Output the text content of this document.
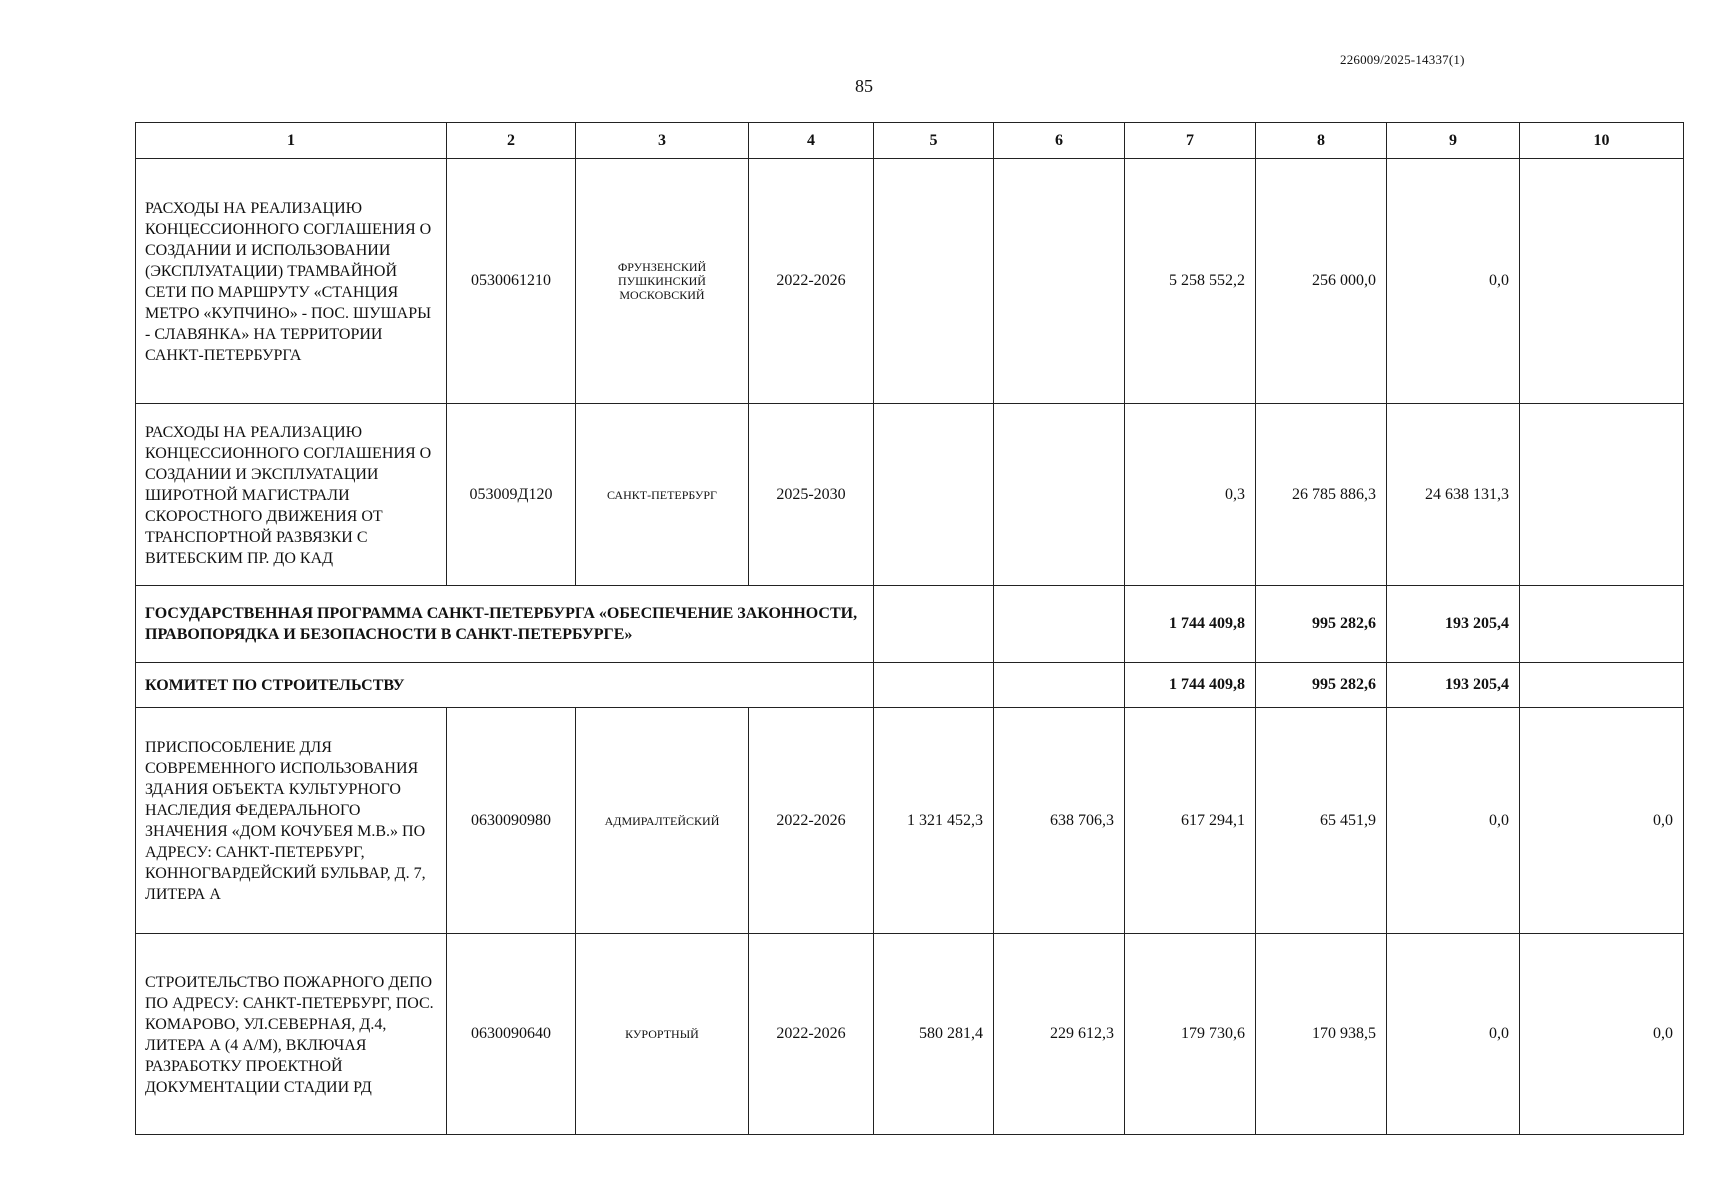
226009/2025-14337(1)
85
1	2	3	4	5	6	7	8	9	10
РАСХОДЫ НА РЕАЛИЗАЦИЮ КОНЦЕССИОННОГО СОГЛАШЕНИЯ О СОЗДАНИИ И ИСПОЛЬЗОВАНИИ (ЭКСПЛУАТАЦИИ) ТРАМВАЙНОЙ СЕТИ ПО МАРШРУТУ «СТАНЦИЯ МЕТРО «КУПЧИНО» - ПОС. ШУШАРЫ - СЛАВЯНКА» НА ТЕРРИТОРИИ САНКТ-ПЕТЕРБУРГА	0530061210	ФРУНЗЕНСКИЙ
ПУШКИНСКИЙ
МОСКОВСКИЙ	2022-2026			5 258 552,2	256 000,0	0,0	
РАСХОДЫ НА РЕАЛИЗАЦИЮ КОНЦЕССИОННОГО СОГЛАШЕНИЯ О СОЗДАНИИ И ЭКСПЛУАТАЦИИ ШИРОТНОЙ МАГИСТРАЛИ СКОРОСТНОГО ДВИЖЕНИЯ ОТ ТРАНСПОРТНОЙ РАЗВЯЗКИ С ВИТЕБСКИМ ПР. ДО КАД	053009Д120	САНКТ-ПЕТЕРБУРГ	2025-2030			0,3	26 785 886,3	24 638 131,3	
ГОСУДАРСТВЕННАЯ ПРОГРАММА САНКТ-ПЕТЕРБУРГА «ОБЕСПЕЧЕНИЕ ЗАКОННОСТИ, ПРАВОПОРЯДКА И БЕЗОПАСНОСТИ В САНКТ-ПЕТЕРБУРГЕ»						1 744 409,8	995 282,6	193 205,4	
КОМИТЕТ ПО СТРОИТЕЛЬСТВУ						1 744 409,8	995 282,6	193 205,4	
ПРИСПОСОБЛЕНИЕ ДЛЯ СОВРЕМЕННОГО ИСПОЛЬЗОВАНИЯ ЗДАНИЯ ОБЪЕКТА КУЛЬТУРНОГО НАСЛЕДИЯ ФЕДЕРАЛЬНОГО ЗНАЧЕНИЯ «ДОМ КОЧУБЕЯ М.В.» ПО АДРЕСУ: САНКТ-ПЕТЕРБУРГ, КОННОГВАРДЕЙСКИЙ БУЛЬВАР, Д. 7, ЛИТЕРА А	0630090980	АДМИРАЛТЕЙСКИЙ	2022-2026	1 321 452,3	638 706,3	617 294,1	65 451,9	0,0	0,0
СТРОИТЕЛЬСТВО ПОЖАРНОГО ДЕПО ПО АДРЕСУ: САНКТ-ПЕТЕРБУРГ, ПОС. КОМАРОВО, УЛ.СЕВЕРНАЯ, Д.4, ЛИТЕРА А (4 А/М), ВКЛЮЧАЯ РАЗРАБОТКУ ПРОЕКТНОЙ ДОКУМЕНТАЦИИ СТАДИИ РД	0630090640	КУРОРТНЫЙ	2022-2026	580 281,4	229 612,3	179 730,6	170 938,5	0,0	0,0
